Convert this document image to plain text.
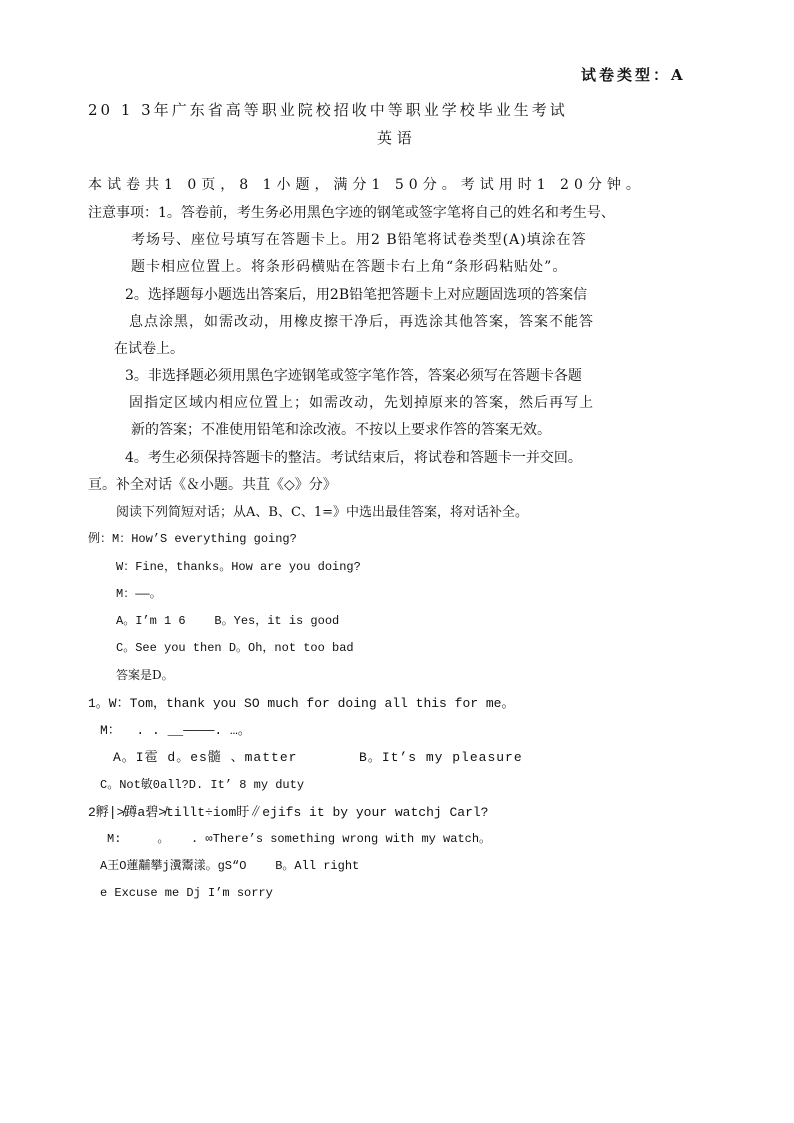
试卷类型：A
20 1 3年广东省高等职业院校招收中等职业学校毕业生考试
英 语
本试卷共1 0页，8 1小题，满分1 50分。考试用时1 20分钟。
注意事项：1。答卷前，考生务必用黑色字迹的钢笔或签字笔将自己的姓名和考生号、
考场号、座位号填写在答题卡上。用2 B铅笔将试卷类型(A)填涂在答
题卡相应位置上。将条形码横贴在答题卡右上角“条形码粘贴处”。
2。选择题每小题选出答案后，用2B铅笔把答题卡上对应题固选项的答案信
息点涂黑，如需改动，用橡皮擦干净后，再选涂其他答案，答案不能答
在试卷上。
3。非选择题必须用黑色字迹钢笔或签字笔作答，答案必须写在答题卡各题
固指定区域内相应位置上；如需改动，先划掉原来的答案，然后再写上
新的答案；不准使用铅笔和涂改液。不按以上要求作答的答案无效。
4。考生必须保持答题卡的整洁。考试结束后，将试卷和答题卡一并交回。
亘。补全对话《＆小题。共苴《◇》分》
阅读下列简短对话；从A、B、C、1=》中选出最佳答案，将对话补全。
例：M：How’S everything going?
W：Fine，thanks。How are you doing?
M：——。
A。I’m 1 6    B。Yes，it is good
C。See you then D。Oh，not too bad
答案是D。
1。W：Tom，thank you SO much for doing all this for me。
M：  . . __————. …。
A。I雹 d。es髓 、matter       B。It’s my pleasure
C。Not敏0all?D. It’ 8 my duty
2孵∣≯蹲a碧≯tillt÷iom盱∥ejifs it by your watchj Carl?
M:     。   . ∞There’s something wrong with my watch。
A王O蓮黼攀j瀵鬻漾。gS“O    B。All right
e Excuse me Dj I’m sorry
